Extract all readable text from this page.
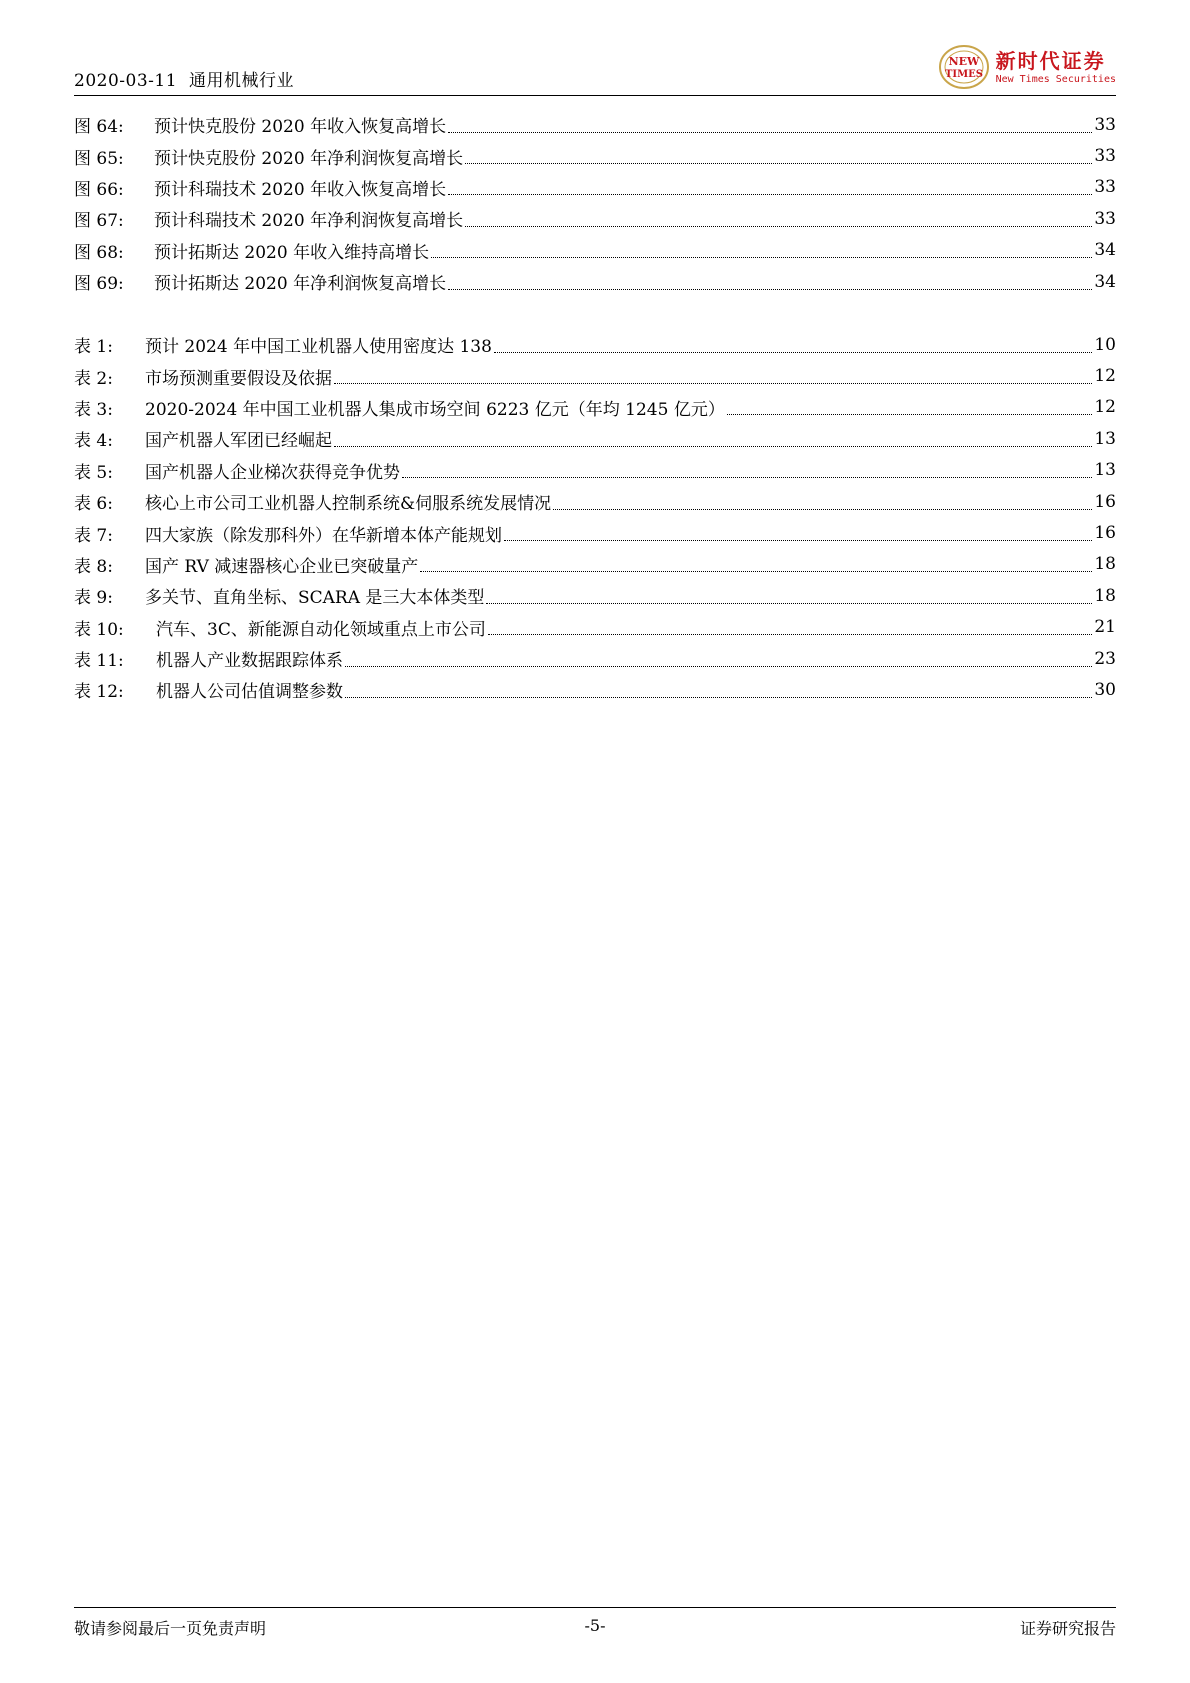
2020-03-11 通用机械行业
NEW
TIMES
新时代证券
New Times Securities
图 64:	预计快克股份 2020 年收入恢复高增长	33
图 65:	预计快克股份 2020 年净利润恢复高增长	33
图 66:	预计科瑞技术 2020 年收入恢复高增长	33
图 67:	预计科瑞技术 2020 年净利润恢复高增长	33
图 68:	预计拓斯达 2020 年收入维持高增长	34
图 69:	预计拓斯达 2020 年净利润恢复高增长	34
表 1:	预计 2024 年中国工业机器人使用密度达 138	10
表 2:	市场预测重要假设及依据	12
表 3:	2020-2024 年中国工业机器人集成市场空间 6223 亿元（年均 1245 亿元）	12
表 4:	国产机器人军团已经崛起	13
表 5:	国产机器人企业梯次获得竞争优势	13
表 6:	核心上市公司工业机器人控制系统&伺服系统发展情况	16
表 7:	四大家族（除发那科外）在华新增本体产能规划	16
表 8:	国产 RV 减速器核心企业已突破量产	18
表 9:	多关节、直角坐标、SCARA 是三大本体类型	18
表 10:	汽车、3C、新能源自动化领域重点上市公司	21
表 11:	机器人产业数据跟踪体系	23
表 12:	机器人公司估值调整参数	30
敬请参阅最后一页免责声明	-5-	证券研究报告
